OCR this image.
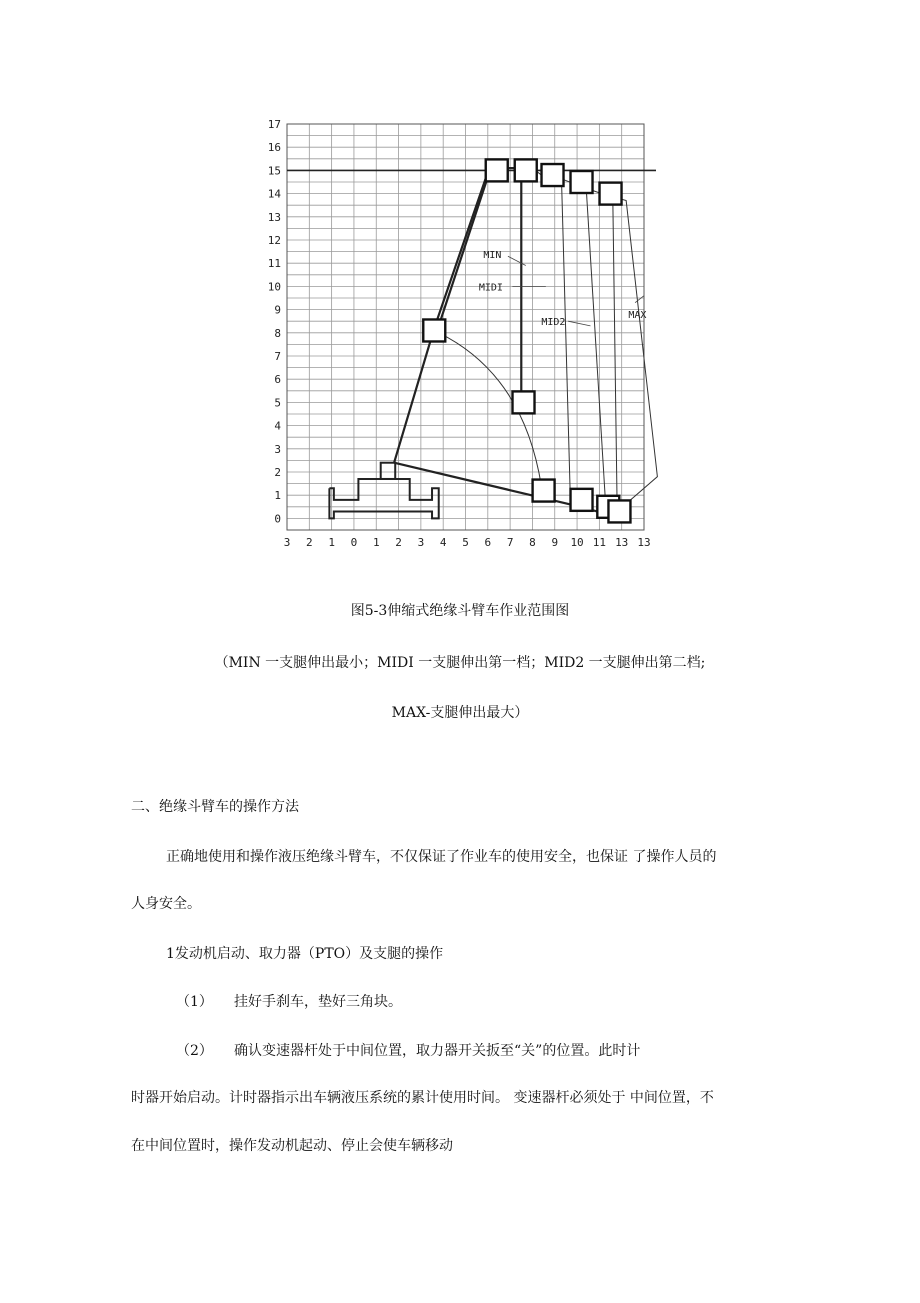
0
1
2
3
4
5
6
7
8
9
10
11
12
13
14
15
16
17
3 2 1 0 1 2 3 4 5 6 7 8 9 10 11 13 13
MIN
MIDI
MID2
MAX
图5-3伸缩式绝缘斗臂车作业范围图
（MIN 一支腿伸出最小；MIDI 一支腿伸出第一档；MID2 一支腿伸出第二档;
MAX-支腿伸出最大）
二、绝缘斗臂车的操作方法
正确地使用和操作液压绝缘斗臂车，不仅保证了作业车的使用安全，也保证 了操作人员的
人身安全。
1发动机启动、取力器（PTO）及支腿的操作
（1） 挂好手刹车，垫好三角块。
（2） 确认变速器杆处于中间位置，取力器开关扳至“关”的位置。此时计
时器开始启动。计时器指示出车辆液压系统的累计使用时间。 变速器杆必须处于 中间位置，不
在中间位置时，操作发动机起动、停止会使车辆移动
